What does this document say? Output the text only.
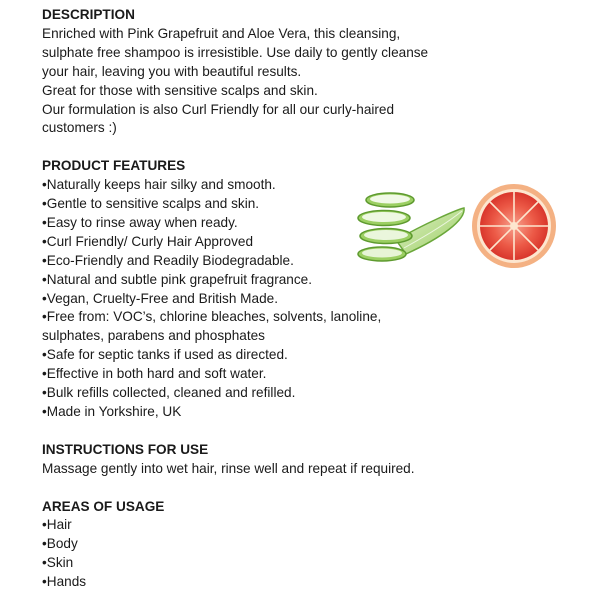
DESCRIPTION

Enriched with Pink Grapefruit and Aloe Vera, this cleansing,

sulphate free shampoo is irresistible. Use daily to gently cleanse

your hair, leaving you with beautiful results.

Great for those with sensitive scalps and skin.

Our formulation is also Curl Friendly for all our curly-haired

customers :)

PRODUCT FEATURES

•Naturally keeps hair silky and smooth.
•Gentle to sensitive scalps and skin.
•Easy to rinse away when ready.
•Curl Friendly/ Curly Hair Approved
•Eco-Friendly and Readily Biodegradable.
•Natural and subtle pink grapefruit fragrance.
•Vegan, Cruelty-Free and British Made.
•Free from: VOC’s, chlorine bleaches, solvents, lanoline,
sulphates, parabens and phosphates
•Safe for septic tanks if used as directed.
•Effective in both hard and soft water.
•Bulk refills collected, cleaned and refilled.
•Made in Yorkshire, UK

INSTRUCTIONS FOR USE

Massage gently into wet hair, rinse well and repeat if required.

AREAS OF USAGE

•Hair
•Body
•Skin
•Hands
